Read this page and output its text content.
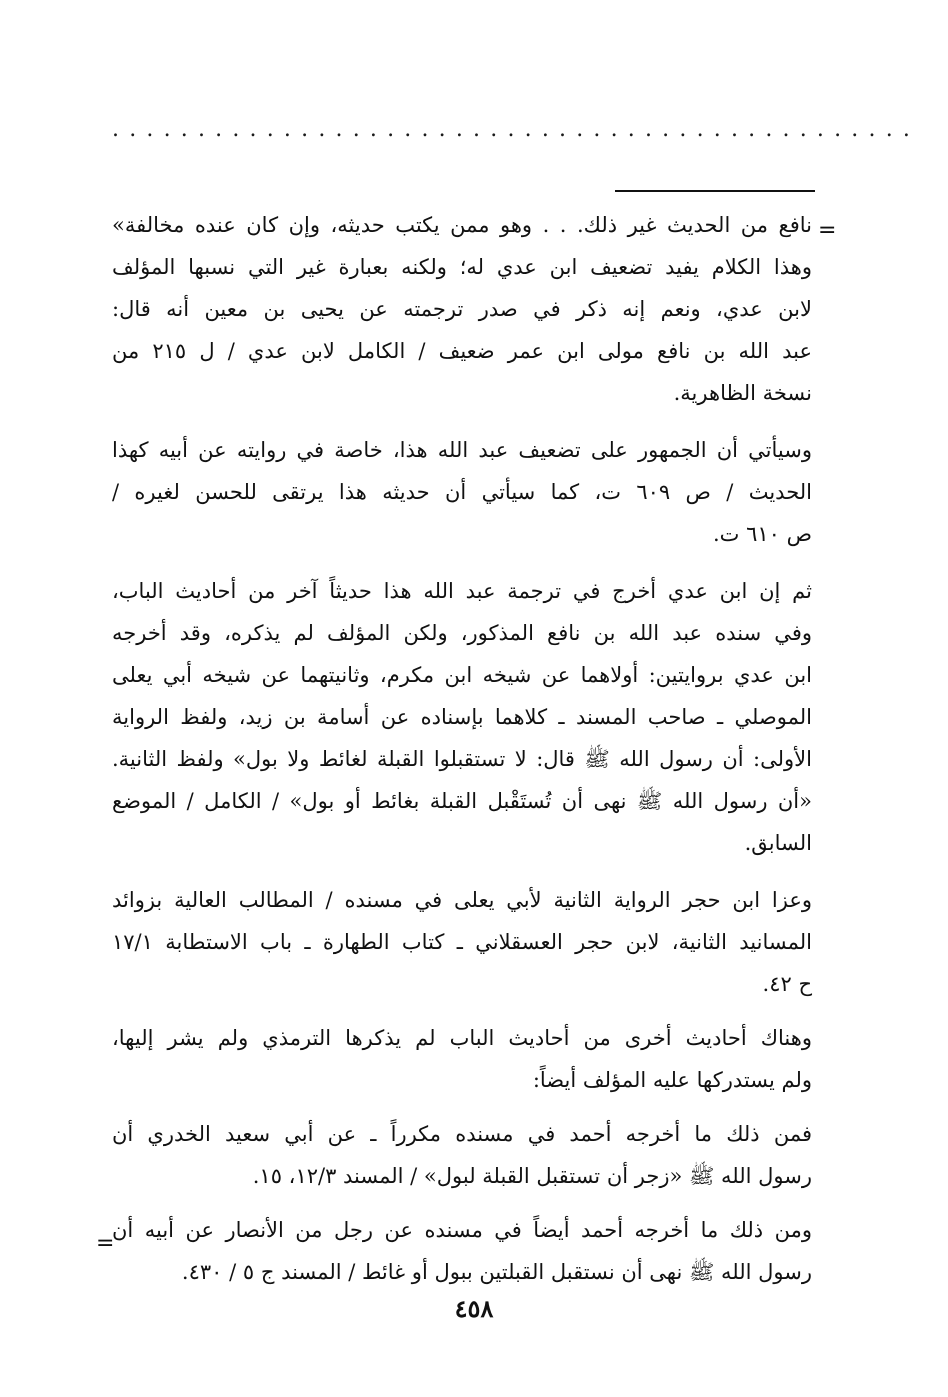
...............................................
=
نافع من الحديث غير ذلك. . . وهو ممن يكتب حديثه، وإن كان عنده مخالفة»
وهذا الكلام يفيد تضعيف ابن عدي له؛ ولكنه بعبارة غير التي نسبها المؤلف
لابن عدي، ونعم إنه ذكر في صدر ترجمته عن يحيى بن معين أنه قال:
عبد الله بن نافع مولى ابن عمر ضعيف / الكامل لابن عدي / ل ٢١٥ من
نسخة الظاهرية.
وسيأتي أن الجمهور على تضعيف عبد الله هذا، خاصة في روايته عن أبيه كهذا
الحديث / ص ٦٠٩ ت، كما سيأتي أن حديثه هذا يرتقى للحسن لغيره /
ص ٦١٠ ت.
ثم إن ابن عدي أخرج في ترجمة عبد الله هذا حديثاً آخر من أحاديث الباب،
وفي سنده عبد الله بن نافع المذكور، ولكن المؤلف لم يذكره، وقد أخرجه
ابن عدي بروايتين: أولاهما عن شيخه ابن مكرم، وثانيتهما عن شيخه أبي يعلى
الموصلي ـ صاحب المسند ـ كلاهما بإسناده عن أسامة بن زيد، ولفظ الرواية
الأولى: أن رسول الله ﷺ قال: لا تستقبلوا القبلة لغائط ولا بول» ولفظ الثانية.
«أن رسول الله ﷺ نهى أن تُستَقْبل القبلة بغائط أو بول» / الكامل / الموضع
السابق.
وعزا ابن حجر الرواية الثانية لأبي يعلى في مسنده / المطالب العالية بزوائد
المسانيد الثانية، لابن حجر العسقلاني ـ كتاب الطهارة ـ باب الاستطابة ١٧/١
ح ٤٢.
وهناك أحاديث أخرى من أحاديث الباب لم يذكرها الترمذي ولم يشر إليها،
ولم يستدركها عليه المؤلف أيضاً:
فمن ذلك ما أخرجه أحمد في مسنده مكرراً ـ عن أبي سعيد الخدري أن
رسول الله ﷺ «زجر أن تستقبل القبلة لبول» / المسند ١٢/٣، ١٥.
ومن ذلك ما أخرجه أحمد أيضاً في مسنده عن رجل من الأنصار عن أبيه أن
رسول الله ﷺ نهى أن نستقبل القبلتين ببول أو غائط / المسند ج ٥ / ٤٣٠.
=
٤٥٨
